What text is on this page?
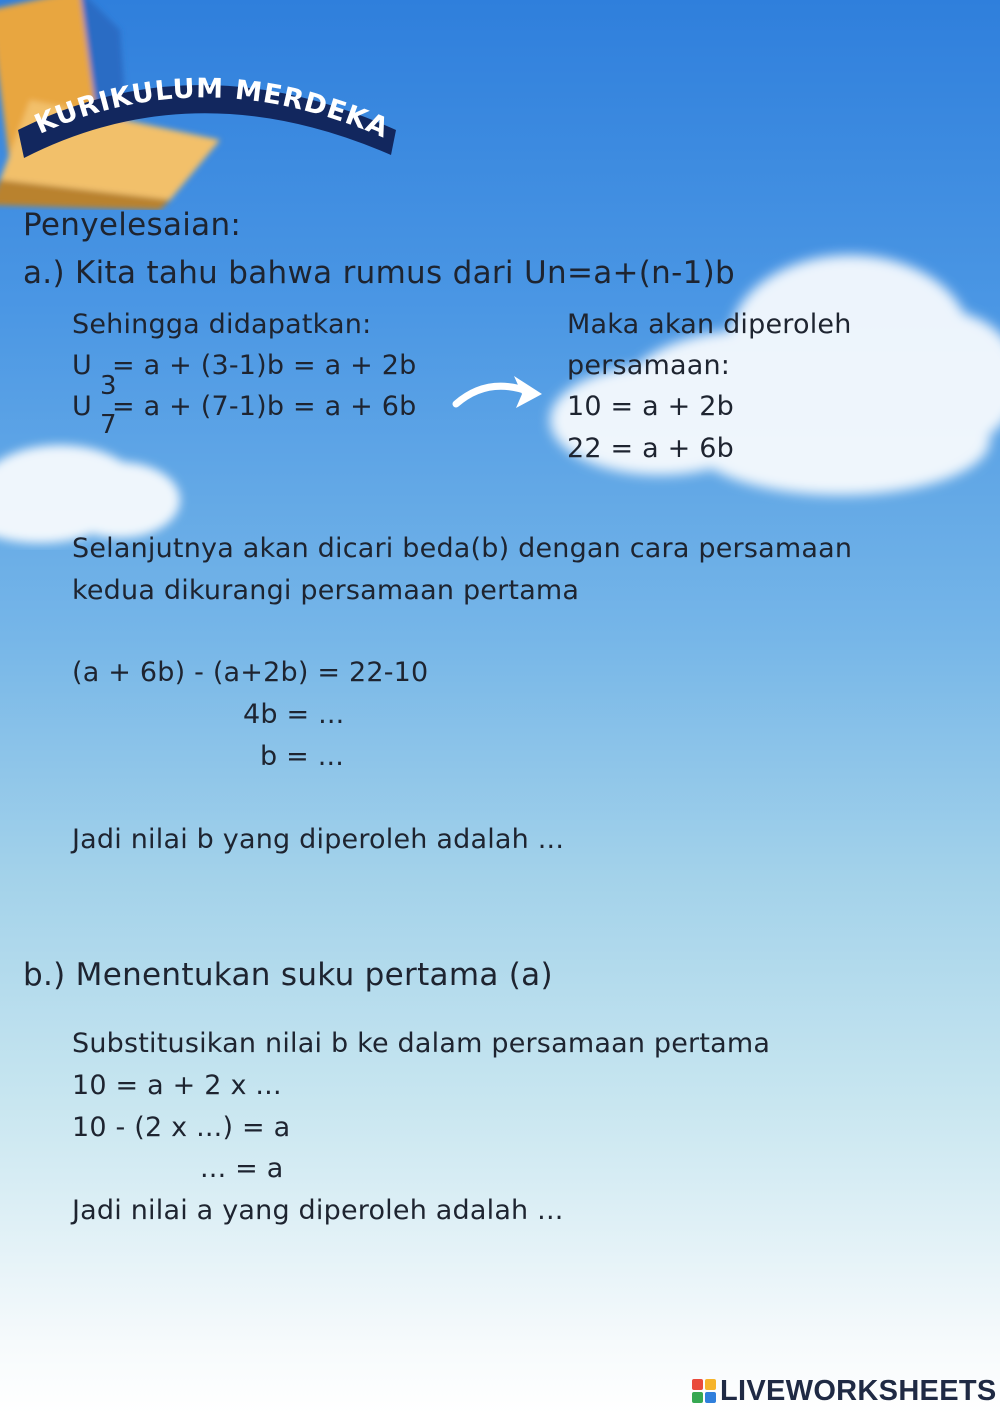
KURIKULUM MERDEKA
Penyelesaian:
a.) Kita tahu bahwa rumus dari Un=a+(n-1)b
Sehingga didapatkan:
U = a + (3-1)b = a + 2b
3
U = a + (7-1)b = a + 6b
7
Maka akan diperoleh
persamaan:
10 = a + 2b
22 = a + 6b
Selanjutnya akan dicari beda(b) dengan cara persamaan
kedua dikurangi persamaan pertama
(a + 6b) - (a+2b) = 22-10
4b = ...
b = ...
Jadi nilai b yang diperoleh adalah ...
b.) Menentukan suku pertama (a)
Substitusikan nilai b ke dalam persamaan pertama
10 = a + 2 x ...
10 - (2 x ...) = a
... = a
Jadi nilai a yang diperoleh adalah ...
LIVEWORKSHEETS
